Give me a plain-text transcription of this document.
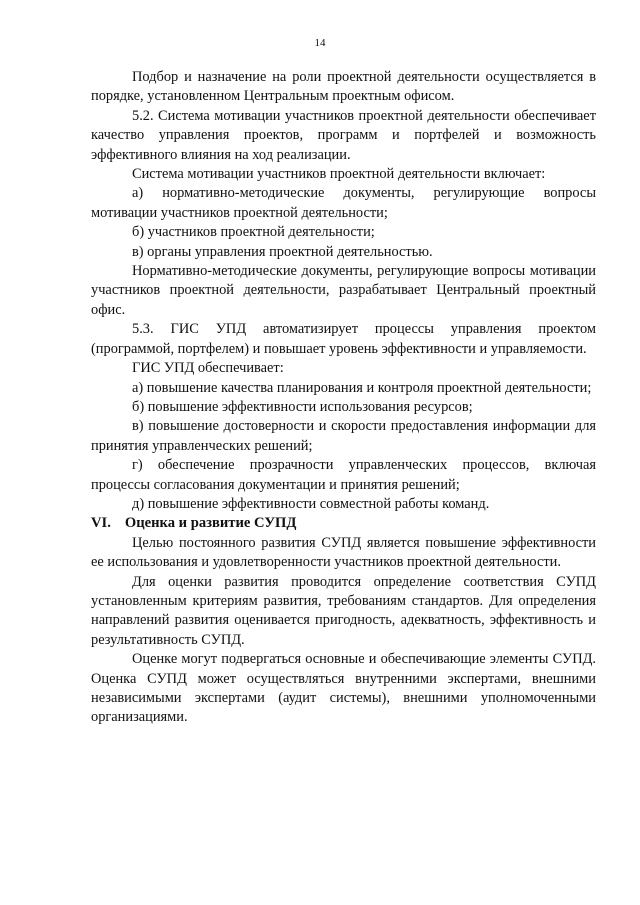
14

Подбор и назначение на роли проектной деятельности осуществляется в порядке, установленном Центральным проектным офисом.

5.2. Система мотивации участников проектной деятельности обеспечивает качество управления проектов, программ и портфелей и возможность эффективного влияния на ход реализации.

Система мотивации участников проектной деятельности включает:

а) нормативно-методические документы, регулирующие вопросы мотивации участников проектной деятельности;

б) участников проектной деятельности;

в) органы управления проектной деятельностью.

Нормативно-методические документы, регулирующие вопросы мотивации участников проектной деятельности, разрабатывает Центральный проектный офис.

5.3. ГИС УПД автоматизирует процессы управления проектом (программой, портфелем) и повышает уровень эффективности и управляемости.

ГИС УПД обеспечивает:

а) повышение качества планирования и контроля проектной деятельности;

б) повышение эффективности использования ресурсов;

в) повышение достоверности и скорости предоставления информации для принятия управленческих решений;

г) обеспечение прозрачности управленческих процессов, включая процессы согласования документации и принятия решений;

д) повышение эффективности совместной работы команд.

VI. Оценка и развитие СУПД

Целью постоянного развития СУПД является повышение эффективности ее использования и удовлетворенности участников проектной деятельности.

Для оценки развития проводится определение соответствия СУПД установленным критериям развития, требованиям стандартов. Для определения направлений развития оценивается пригодность, адекватность, эффективность и результативность СУПД.

Оценке могут подвергаться основные и обеспечивающие элементы СУПД. Оценка СУПД может осуществляться внутренними экспертами, внешними независимыми экспертами (аудит системы), внешними уполномоченными организациями.
